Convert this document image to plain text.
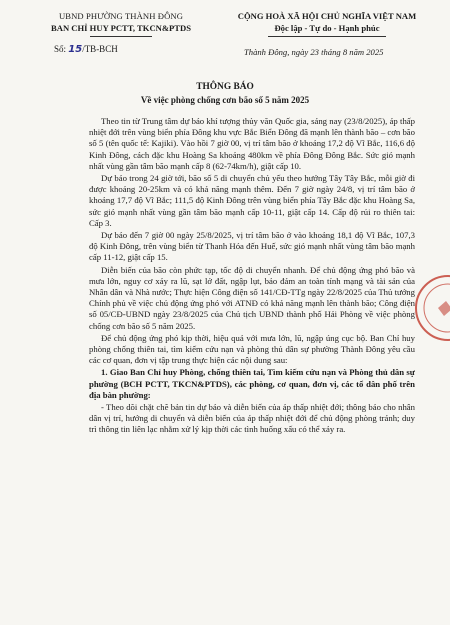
UBND PHƯỜNG THÀNH ĐÔNG
BAN CHỈ HUY PCTT, TKCN&PTDS
CỘNG HOÀ XÃ HỘI CHỦ NGHĨA VIỆT NAM
Độc lập - Tự do - Hạnh phúc
Số: 15/TB-BCH	Thành Đông, ngày 23 tháng 8 năm 2025
THÔNG BÁO
Về việc phòng chống cơn bão số 5 năm 2025

Theo tin từ Trung tâm dự báo khí tượng thủy văn Quốc gia, sáng nay (23/8/2025), áp thấp nhiệt đới trên vùng biển phía Đông khu vực Bắc Biển Đông đã mạnh lên thành bão – cơn bão số 5 (tên quốc tế: Kajiki). Vào hồi 7 giờ 00, vị trí tâm bão ở khoảng 17,2 độ Vĩ Bắc, 116,6 độ Kinh Đông, cách đặc khu Hoàng Sa khoảng 480km về phía Đông Đông Bắc. Sức gió mạnh nhất vùng gần tâm bão mạnh cấp 8 (62-74km/h), giật cấp 10.

Dự báo trong 24 giờ tới, bão số 5 di chuyển chủ yếu theo hướng Tây Tây Bắc, mỗi giờ đi được khoảng 20-25km và có khả năng mạnh thêm. Đến 7 giờ ngày 24/8, vị trí tâm bão ở khoảng 17,7 độ Vĩ Bắc; 111,5 độ Kinh Đông trên vùng biển phía Tây Bắc đặc khu Hoàng Sa, sức gió mạnh nhất vùng gần tâm bão mạnh cấp 10-11, giật cấp 14. Cấp độ rủi ro thiên tai: Cấp 3.

Dự báo đến 7 giờ 00 ngày 25/8/2025, vị trí tâm bão ở vào khoảng 18,1 độ Vĩ Bắc, 107,3 độ Kinh Đông, trên vùng biển từ Thanh Hóa đến Huế, sức gió mạnh nhất vùng tâm bão mạnh cấp 11-12, giật cấp 15.

Diễn biến của bão còn phức tạp, tốc độ di chuyển nhanh. Để chủ động ứng phó bão và mưa lớn, nguy cơ xảy ra lũ, sạt lở đất, ngập lụt, bảo đảm an toàn tính mạng và tài sản của Nhân dân và Nhà nước; Thực hiện Công điện số 141/CĐ-TTg ngày 22/8/2025 của Thủ tướng Chính phủ về việc chủ động ứng phó với ATNĐ có khả năng mạnh lên thành bão; Công điện số 05/CĐ-UBND ngày 23/8/2025 của Chủ tịch UBND thành phố Hải Phòng về việc phòng chống cơn bão số 5 năm 2025.

Để chủ động ứng phó kịp thời, hiệu quả với mưa lớn, lũ, ngập úng cục bộ. Ban Chỉ huy phòng chống thiên tai, tìm kiếm cứu nạn và phòng thủ dân sự phường Thành Đông yêu cầu các cơ quan, đơn vị tập trung thực hiện các nội dung sau:

1. Giao Ban Chỉ huy Phòng, chống thiên tai, Tìm kiếm cứu nạn và Phòng thủ dân sự phường (BCH PCTT, TKCN&PTDS), các phòng, cơ quan, đơn vị, các tổ dân phố trên địa bàn phường:

- Theo dõi chặt chẽ bản tin dự báo và diễn biến của áp thấp nhiệt đới; thông báo cho nhân dân vị trí, hướng di chuyển và diễn biến của áp thấp nhiệt đới để chủ động phòng tránh; duy trì thông tin liên lạc nhằm xử lý kịp thời các tình huống xấu có thể xảy ra.
